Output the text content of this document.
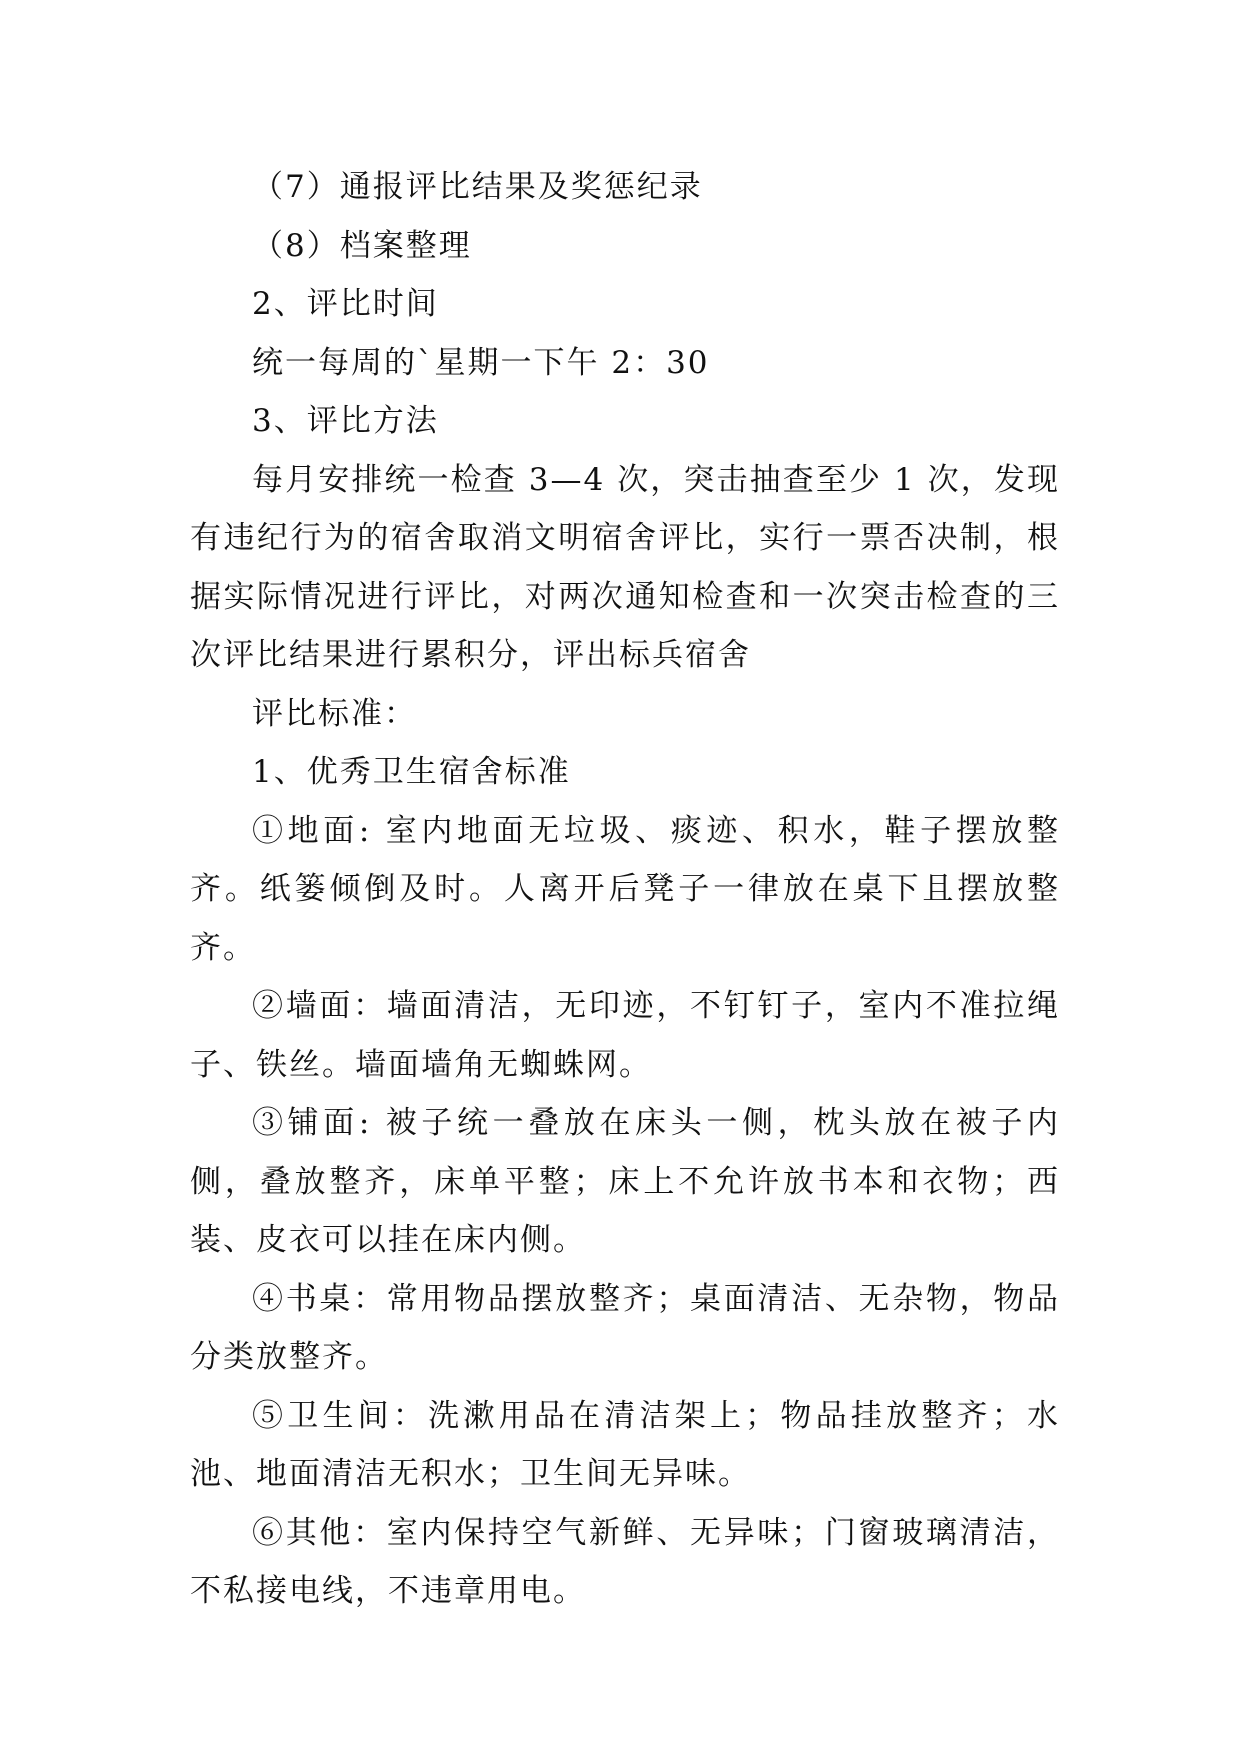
（7）通报评比结果及奖惩纪录

（8）档案整理

2、评比时间

统一每周的`星期一下午 2：30

3、评比方法

每月安排统一检查 3—4 次，突击抽查至少 1 次，发现有违纪行为的宿舍取消文明宿舍评比，实行一票否决制，根据实际情况进行评比，对两次通知检查和一次突击检查的三次评比结果进行累积分，评出标兵宿舍

评比标准：

1、优秀卫生宿舍标准

①地面: 室内地面无垃圾、痰迹、积水，鞋子摆放整齐。纸篓倾倒及时。人离开后凳子一律放在桌下且摆放整齐。

②墙面：墙面清洁，无印迹，不钉钉子，室内不准拉绳子、铁丝。墙面墙角无蜘蛛网。

③铺面: 被子统一叠放在床头一侧，枕头放在被子内侧，叠放整齐，床单平整；床上不允许放书本和衣物；西装、皮衣可以挂在床内侧。

④书桌：常用物品摆放整齐；桌面清洁、无杂物，物品分类放整齐。

⑤卫生间：洗漱用品在清洁架上；物品挂放整齐；水池、地面清洁无积水；卫生间无异味。

⑥其他：室内保持空气新鲜、无异味；门窗玻璃清洁，不私接电线，不违章用电。
